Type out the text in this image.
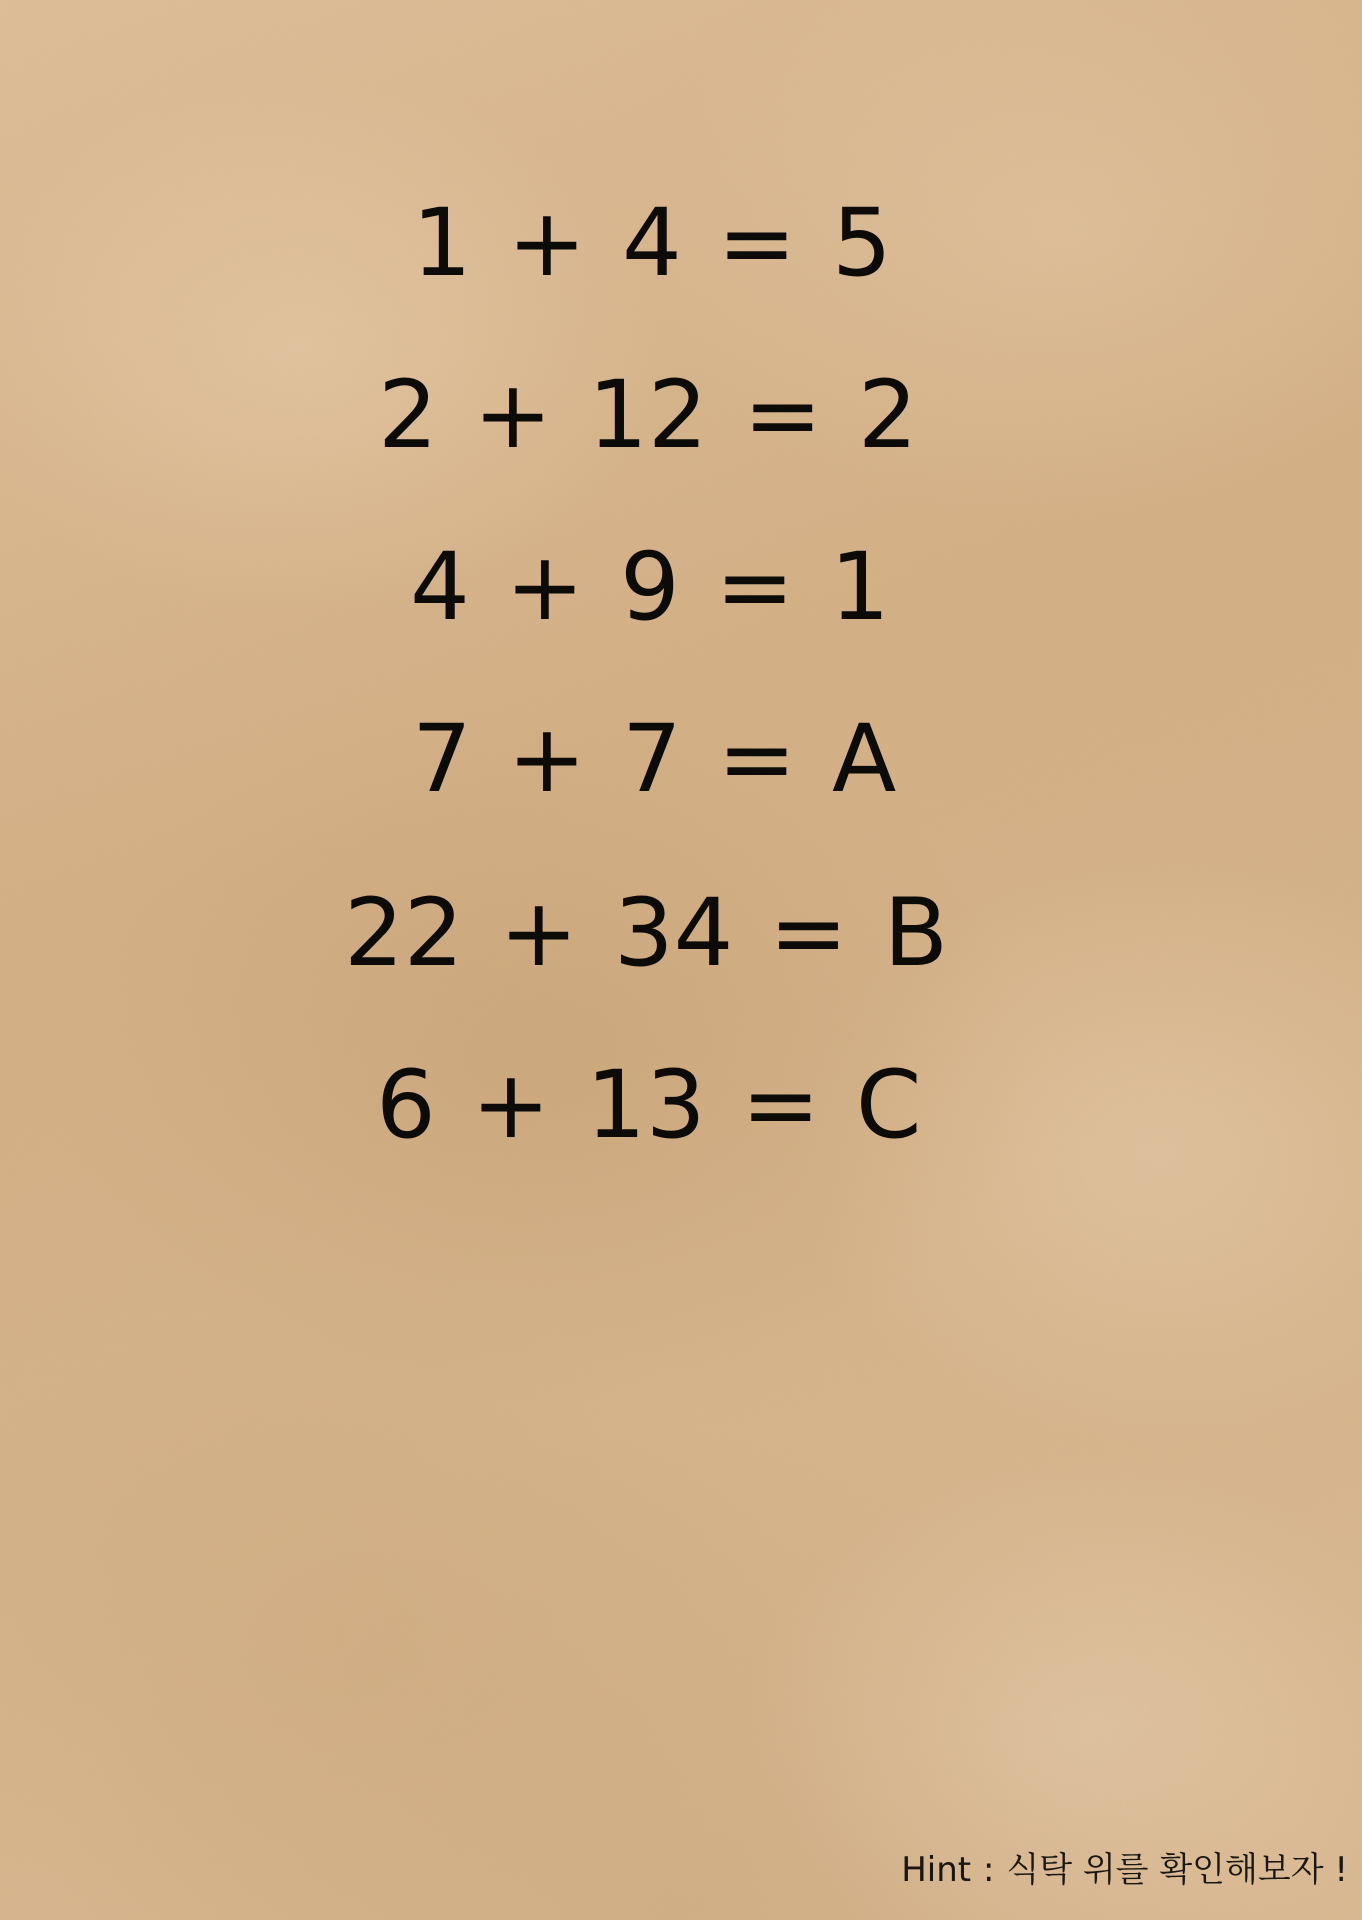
1 + 4 = 5
2 + 12 = 2
4 + 9 = 1
7 + 7 = A
22 + 34 = B
6 + 13 = C
Hint : 식탁 위를 확인해보자 !
